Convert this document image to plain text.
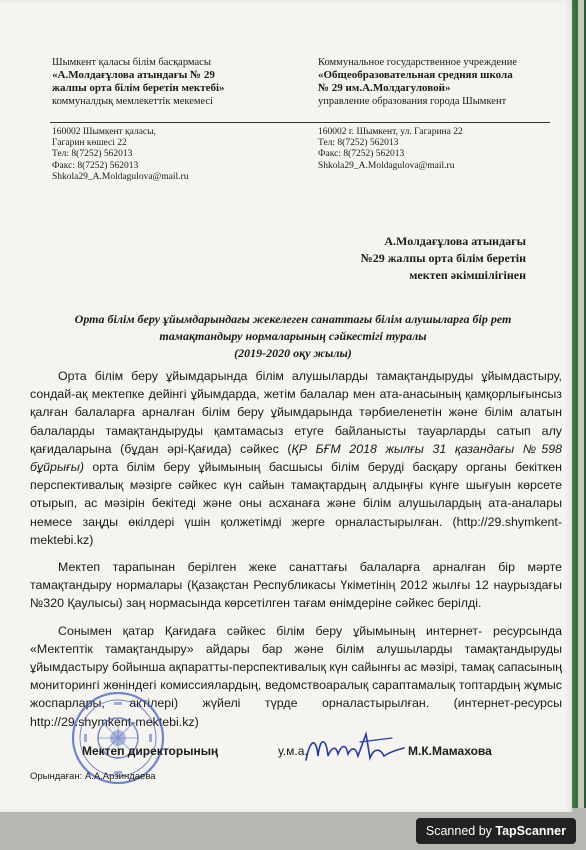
Шымкент қаласы білім басқармасы
«А.Молдағұлова атындағы № 29
жалпы орта білім беретін мектебі»
коммуналдық мемлекеттік мекемесі
Коммунальное государственное учреждение
«Общеобразовательная средняя школа
№ 29 им.А.Молдагуловой»
управление образования города Шымкент
160002 Шымкент қаласы,
Гагарин көшесі 22
Тел: 8(7252) 562013
Факс: 8(7252) 562013
Shkola29_A.Moldagulova@mail.ru
160002 г. Шымкент, ул. Гагарина 22
Тел: 8(7252) 562013
Факс: 8(7252) 562013
Shkola29_A.Moldagulova@mail.ru
А.Молдағұлова атындағы
№29 жалпы орта білім беретін
мектеп әкімшілігінен
Орта білім беру ұйымдарындағы жекелеген санаттағы білім алушыларға бір рет
тамақтандыру нормаларының сәйкестігі туралы
(2019-2020 оқу жылы)

Орта білім беру ұйымдарында білім алушыларды тамақтандыруды ұйымдастыру, сондай-ақ мектепке дейінгі ұйымдарда, жетім балалар мен ата-анасының қамқорлығынсыз қалған балаларға арналған білім беру ұйымдарында тәрбиеленетін және білім алатын балаларды тамақтандыруды қамтамасыз етуге байланысты тауарларды сатып алу қағидаларына (бұдан әрі-Қағида) сәйкес (ҚР БҒМ 2018 жылғы 31 қазандағы №598 бұйрығы) орта білім беру ұйымының басшысы білім беруді басқару органы бекіткен перспективалық мәзірге сәйкес күн сайын тамақтардың алдыңғы күнге шығуын көрсете отырып, ас мәзірін бекітеді және оны асханаға және білім алушылардың ата-аналары немесе заңды өкілдері үшін қолжетімді жерге орналастырылған. (http://29.shymkent-mektebi.kz)

Мектеп тарапынан берілген жеке санаттағы балаларға арналған бір мәрте тамақтандыру нормалары (Қазақстан Республикасы Үкіметінің 2012 жылғы 12 наурыздағы №320 Қаулысы) заң нормасында көрсетілген тағам өнімдеріне сәйкес берілді.

Сонымен қатар Қағидаға сәйкес білім беру ұйымының интернет- ресурсында «Мектептік тамақтандыру» айдары бар және білім алушыларды тамақтандыруды ұйымдастыру бойынша ақпаратты-перспективалық күн сайынғы ас мәзірі, тамақ сапасының мониторингі жөніндегі комиссиялардың, ведомствоаралық сараптамалық топтардың жұмыс жоспарлары, актілері) жүйелі түрде орналастырылған. (интернет-ресурсы http://29.shymkent-mektebi.kz)

Мектеп директорының	у.м.а.	М.К.Мамахова
Орындаған: А.А.Арзиндаева
Scanned by TapScanner
